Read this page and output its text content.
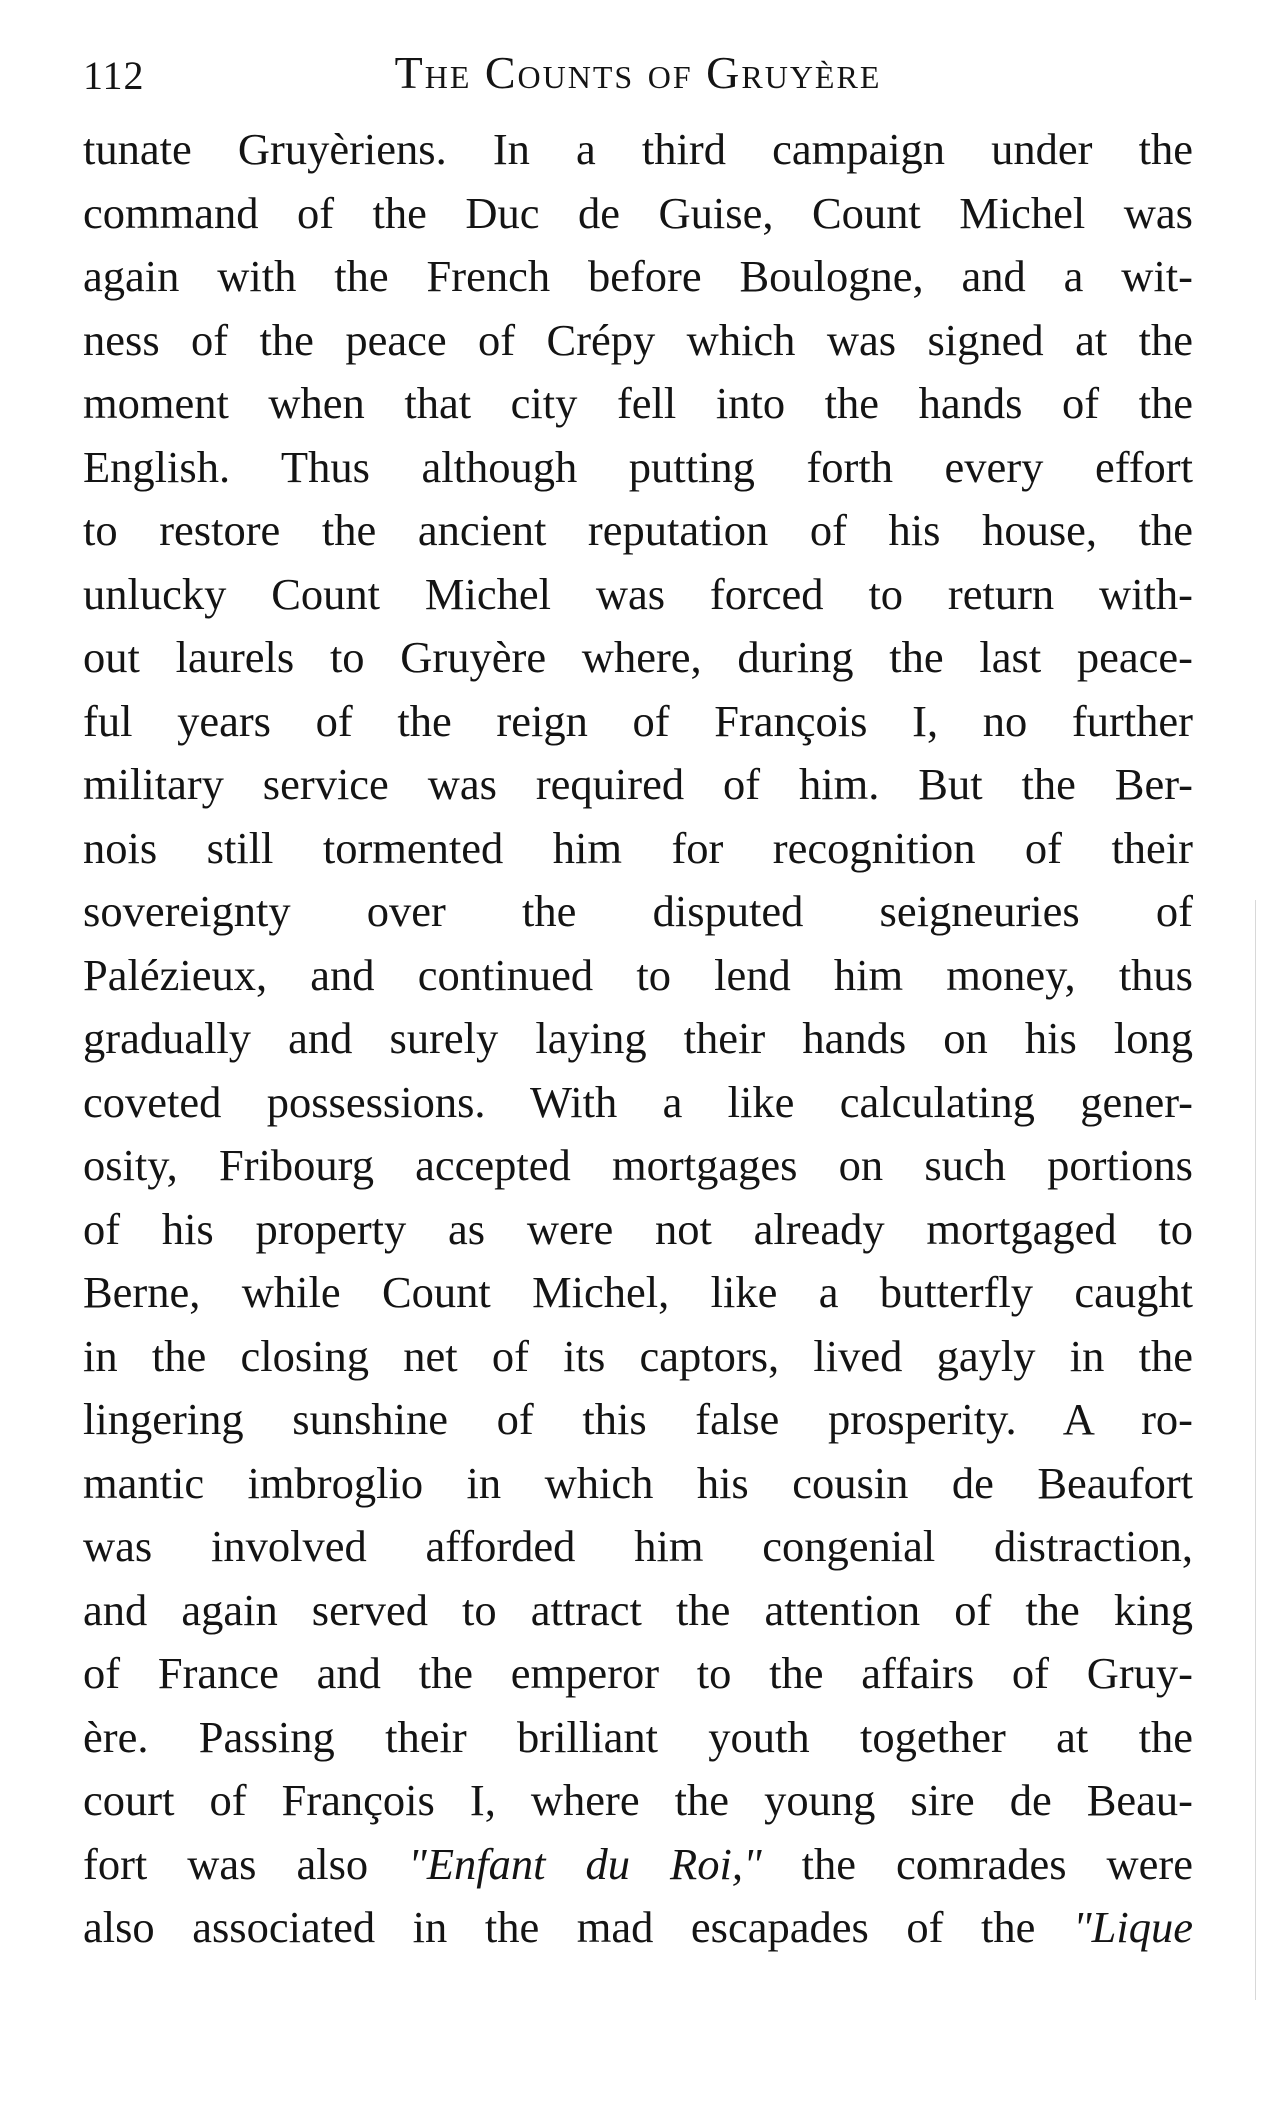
112	The Counts of Gruyère
tunate Gruyèriens. In a third campaign under the
command of the Duc de Guise, Count Michel was
again with the French before Boulogne, and a wit-
ness of the peace of Crépy which was signed at the
moment when that city fell into the hands of the
English. Thus although putting forth every effort
to restore the ancient reputation of his house, the
unlucky Count Michel was forced to return with-
out laurels to Gruyère where, during the last peace-
ful years of the reign of François I, no further
military service was required of him. But the Ber-
nois still tormented him for recognition of their
sovereignty over the disputed seigneuries of
Palézieux, and continued to lend him money, thus
gradually and surely laying their hands on his long
coveted possessions. With a like calculating gener-
osity, Fribourg accepted mortgages on such portions
of his property as were not already mortgaged to
Berne, while Count Michel, like a butterfly caught
in the closing net of its captors, lived gayly in the
lingering sunshine of this false prosperity. A ro-
mantic imbroglio in which his cousin de Beaufort
was involved afforded him congenial distraction,
and again served to attract the attention of the king
of France and the emperor to the affairs of Gruy-
ère. Passing their brilliant youth together at the
court of François I, where the young sire de Beau-
fort was also "Enfant du Roi," the comrades were
also associated in the mad escapades of the "Lique
